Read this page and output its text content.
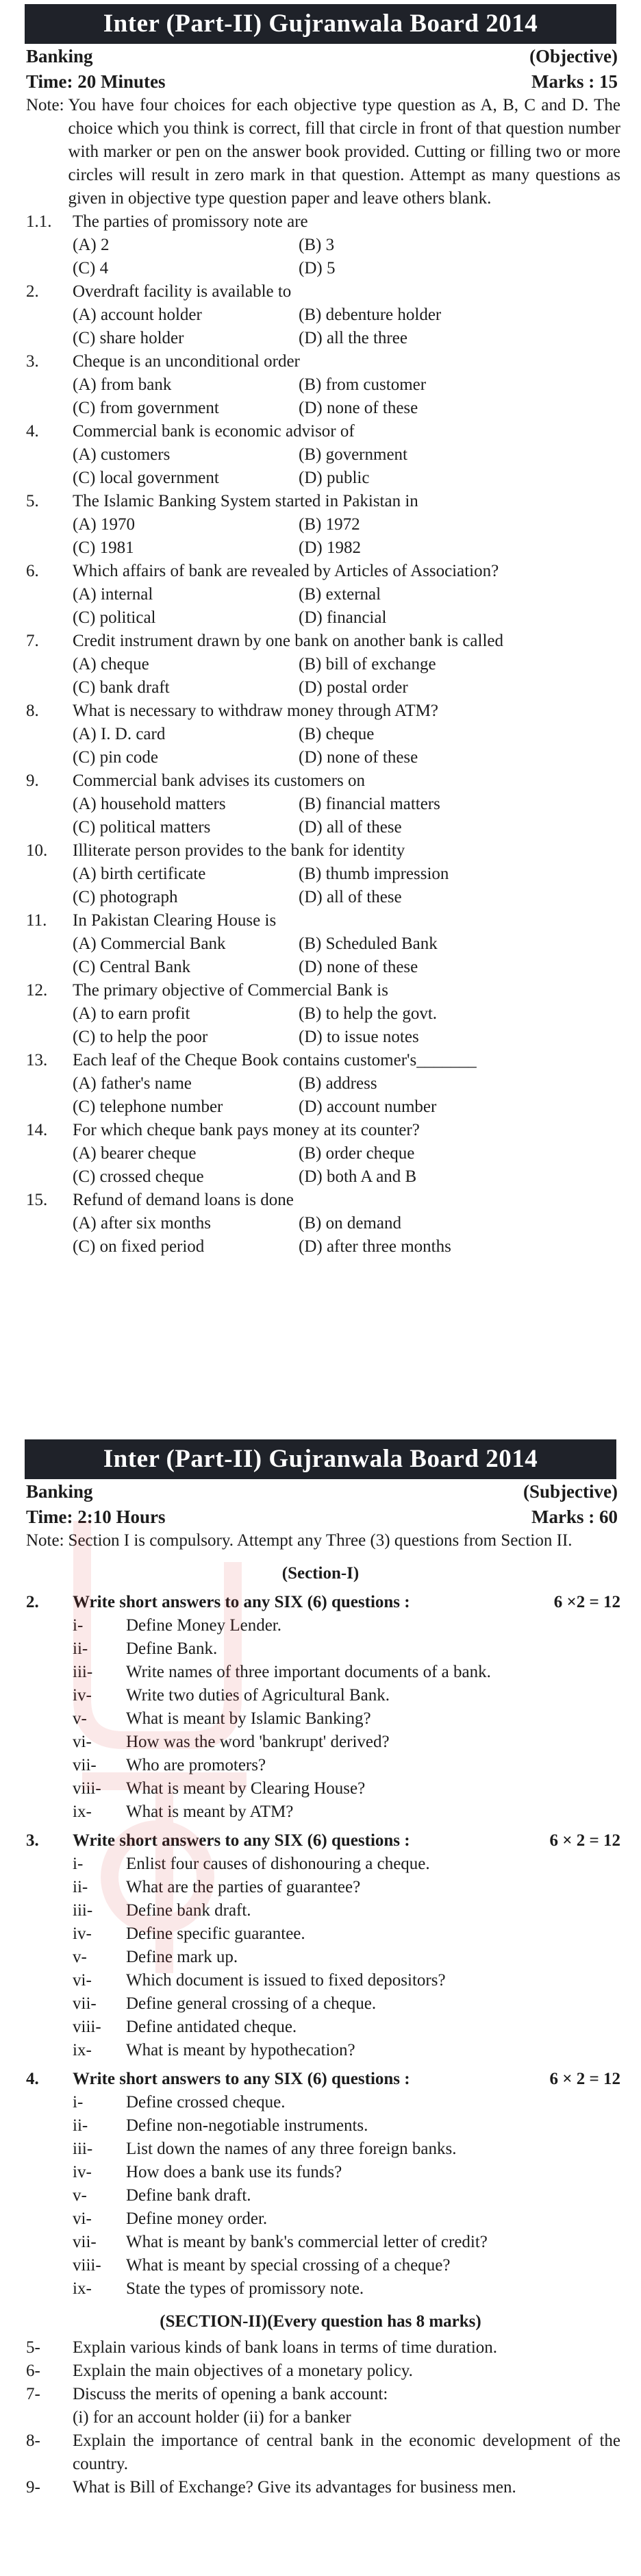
Inter (Part-II) Gujranwala Board 2014
Banking	(Objective)
Time: 20 Minutes	Marks : 15
Note: You have four choices for each objective type question as A, B, C and D. The choice which you think is correct, fill that circle in front of that question number with marker or pen on the answer book provided. Cutting or filling two or more circles will result in zero mark in that question. Attempt as many questions as given in objective type question paper and leave others blank.
1.1.	The parties of promissory note are
(A) 2	(B) 3
(C) 4	(D) 5
2.	Overdraft facility is available to
(A) account holder	(B) debenture holder
(C) share holder	(D) all the three
3.	Cheque is an unconditional order
(A) from bank	(B) from customer
(C) from government	(D) none of these
4.	Commercial bank is economic advisor of
(A) customers	(B) government
(C) local government	(D) public
5.	The Islamic Banking System started in Pakistan in
(A) 1970	(B) 1972
(C) 1981	(D) 1982
6.	Which affairs of bank are revealed by Articles of Association?
(A) internal	(B) external
(C) political	(D) financial
7.	Credit instrument drawn by one bank on another bank is called
(A) cheque	(B) bill of exchange
(C) bank draft	(D) postal order
8.	What is necessary to withdraw money through ATM?
(A) I. D. card	(B) cheque
(C) pin code	(D) none of these
9.	Commercial bank advises its customers on
(A) household matters	(B) financial matters
(C) political matters	(D) all of these
10.	Illiterate person provides to the bank for identity
(A) birth certificate	(B) thumb impression
(C) photograph	(D) all of these
11.	In Pakistan Clearing House is
(A) Commercial Bank	(B) Scheduled Bank
(C) Central Bank	(D) none of these
12.	The primary objective of Commercial Bank is
(A) to earn profit	(B) to help the govt.
(C) to help the poor	(D) to issue notes
13.	Each leaf of the Cheque Book contains customer's_______
(A) father's name	(B) address
(C) telephone number	(D) account number
14.	For which cheque bank pays money at its counter?
(A) bearer cheque	(B) order cheque
(C) crossed cheque	(D) both A and B
15.	Refund of demand loans is done
(A) after six months	(B) on demand
(C) on fixed period	(D) after three months
Inter (Part-II) Gujranwala Board 2014
Banking	(Subjective)
Time: 2:10 Hours	Marks : 60
Note: Section I is compulsory. Attempt any Three (3) questions from Section II.
(Section-I)
2.	Write short answers to any SIX (6) questions :	6 ×2 = 12
i-	Define Money Lender.
ii-	Define Bank.
iii-	Write names of three important documents of a bank.
iv-	Write two duties of Agricultural Bank.
v-	What is meant by Islamic Banking?
vi-	How was the word 'bankrupt' derived?
vii-	Who are promoters?
viii-	What is meant by Clearing House?
ix-	What is meant by ATM?
3.	Write short answers to any SIX (6) questions :	6 × 2 = 12
i-	Enlist four causes of dishonouring a cheque.
ii-	What are the parties of guarantee?
iii-	Define bank draft.
iv-	Define specific guarantee.
v-	Define mark up.
vi-	Which document is issued to fixed depositors?
vii-	Define general crossing of a cheque.
viii-	Define antidated cheque.
ix-	What is meant by hypothecation?
4.	Write short answers to any SIX (6) questions :	6 × 2 = 12
i-	Define crossed cheque.
ii-	Define non-negotiable instruments.
iii-	List down the names of any three foreign banks.
iv-	How does a bank use its funds?
v-	Define bank draft.
vi-	Define money order.
vii-	What is meant by bank's commercial letter of credit?
viii-	What is meant by special crossing of a cheque?
ix-	State the types of promissory note.
(SECTION-II)(Every question has 8 marks)
5-	Explain various kinds of bank loans in terms of time duration.
6-	Explain the main objectives of a monetary policy.
7-	Discuss the merits of opening a bank account:
(i) for an account holder (ii) for a banker
8-	Explain the importance of central bank in the economic development of the country.
9-	What is Bill of Exchange? Give its advantages for business men.
